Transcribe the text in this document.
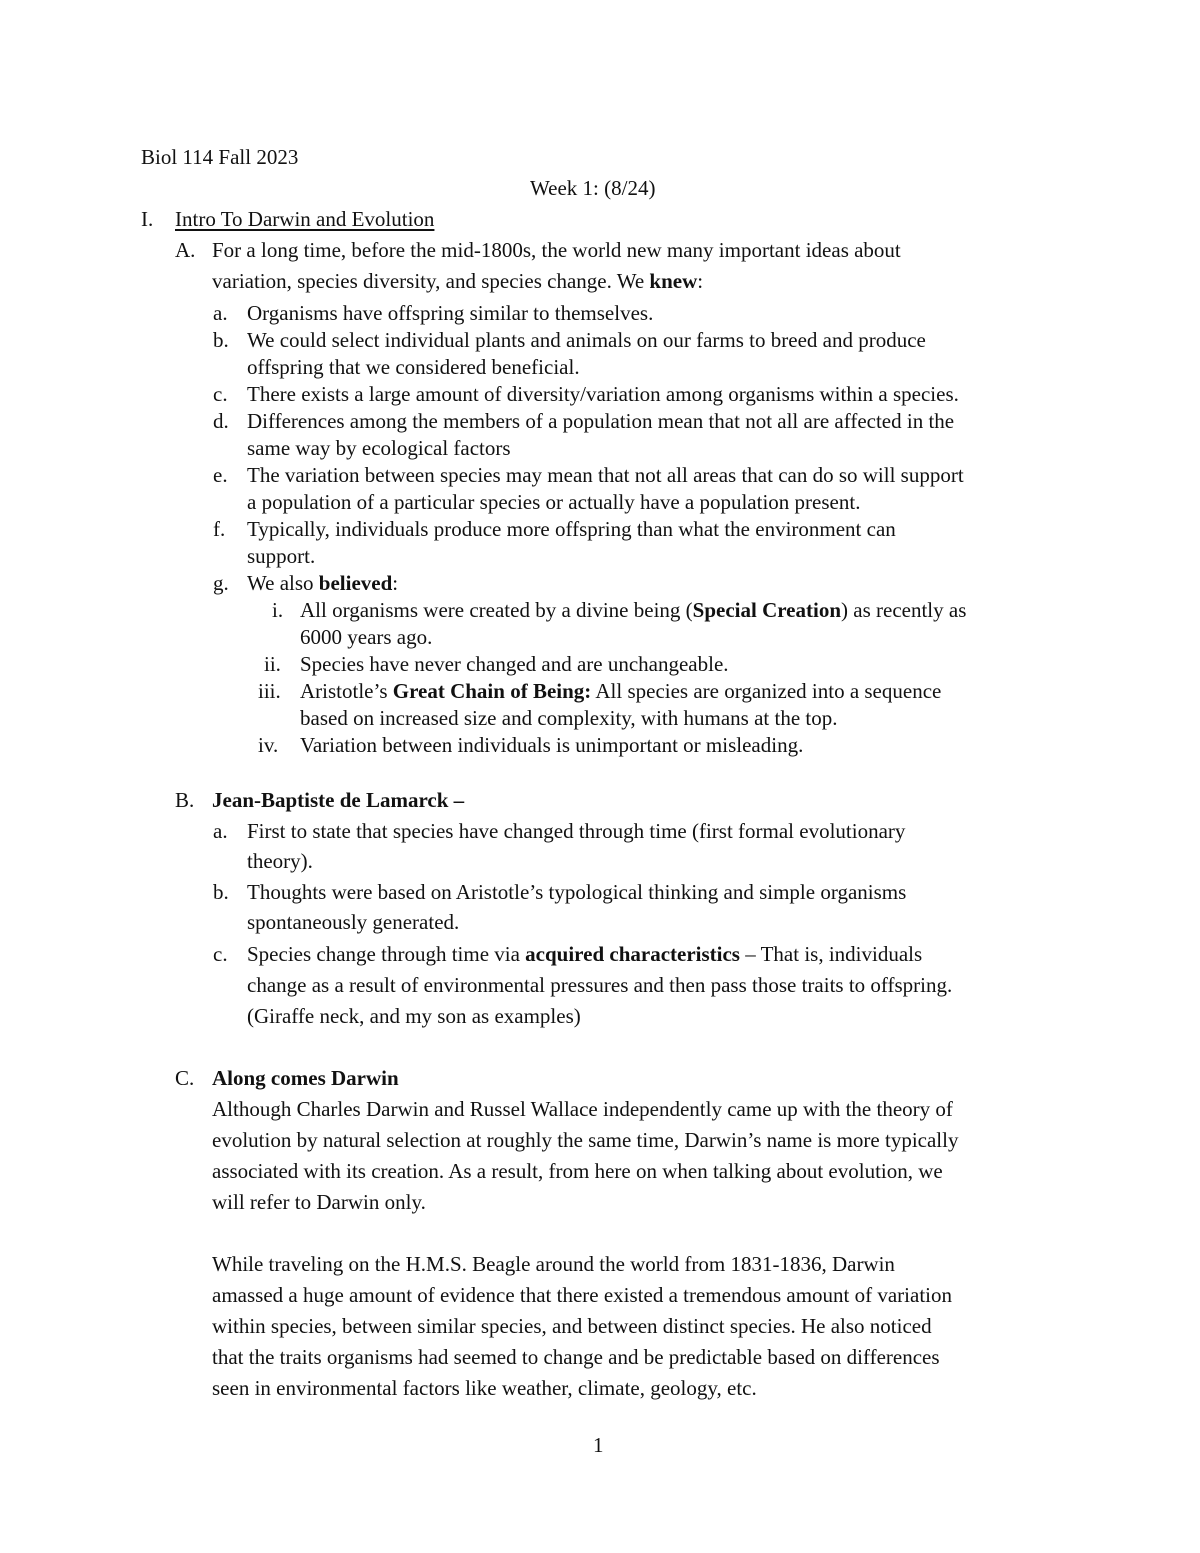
Biol 114 Fall 2023
Week 1: (8/24)
I. Intro To Darwin and Evolution
A. For a long time, before the mid-1800s, the world new many important ideas about
variation, species diversity, and species change. We knew:
a. Organisms have offspring similar to themselves.
b. We could select individual plants and animals on our farms to breed and produce
offspring that we considered beneficial.
c. There exists a large amount of diversity/variation among organisms within a species.
d. Differences among the members of a population mean that not all are affected in the
same way by ecological factors
e. The variation between species may mean that not all areas that can do so will support
a population of a particular species or actually have a population present.
f. Typically, individuals produce more offspring than what the environment can
support.
g. We also believed:
i. All organisms were created by a divine being (Special Creation) as recently as
6000 years ago.
ii. Species have never changed and are unchangeable.
iii. Aristotle’s Great Chain of Being: All species are organized into a sequence
based on increased size and complexity, with humans at the top.
iv. Variation between individuals is unimportant or misleading.
B. Jean-Baptiste de Lamarck –
a. First to state that species have changed through time (first formal evolutionary
theory).
b. Thoughts were based on Aristotle’s typological thinking and simple organisms
spontaneously generated.
c. Species change through time via acquired characteristics – That is, individuals
change as a result of environmental pressures and then pass those traits to offspring.
(Giraffe neck, and my son as examples)
C. Along comes Darwin
Although Charles Darwin and Russel Wallace independently came up with the theory of
evolution by natural selection at roughly the same time, Darwin’s name is more typically
associated with its creation. As a result, from here on when talking about evolution, we
will refer to Darwin only.
While traveling on the H.M.S. Beagle around the world from 1831-1836, Darwin
amassed a huge amount of evidence that there existed a tremendous amount of variation
within species, between similar species, and between distinct species. He also noticed
that the traits organisms had seemed to change and be predictable based on differences
seen in environmental factors like weather, climate, geology, etc.
1
